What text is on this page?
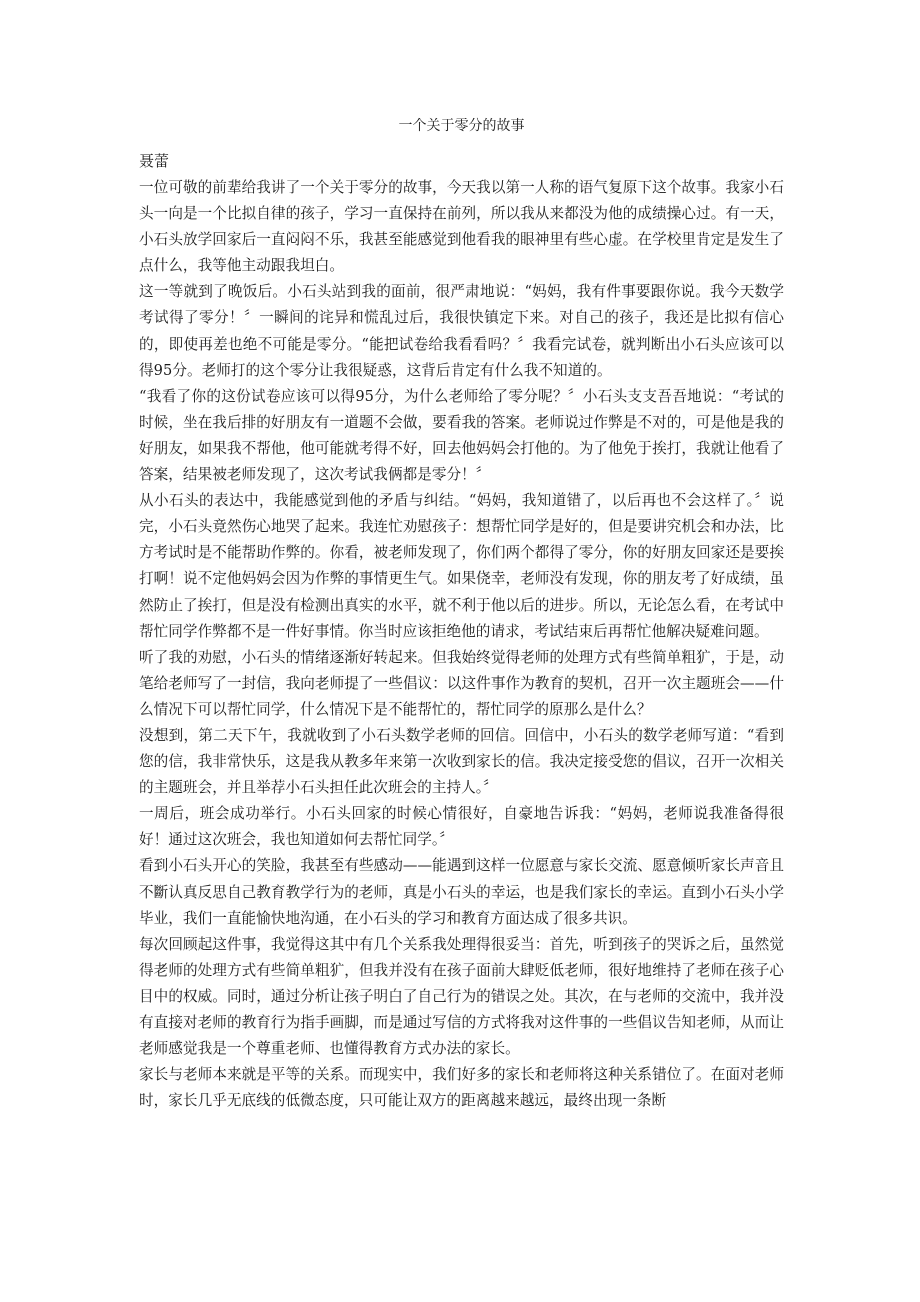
一个关于零分的故事
聂蕾

一位可敬的前辈给我讲了一个关于零分的故事，今天我以第一人称的语气复原下这个故事。我家小石头一向是一个比拟自律的孩子，学习一直保持在前列，所以我从来都没为他的成绩操心过。有一天，小石头放学回家后一直闷闷不乐，我甚至能感觉到他看我的眼神里有些心虚。在学校里肯定是发生了点什么，我等他主动跟我坦白。

这一等就到了晚饭后。小石头站到我的面前，很严肃地说：“妈妈，我有件事要跟你说。我今天数学考试得了零分！〞一瞬间的诧异和慌乱过后，我很快镇定下来。对自己的孩子，我还是比拟有信心的，即使再差也绝不可能是零分。“能把试卷给我看看吗？〞我看完试卷，就判断出小石头应该可以得95分。老师打的这个零分让我很疑惑，这背后肯定有什么我不知道的。

“我看了你的这份试卷应该可以得95分，为什么老师给了零分呢？〞小石头支支吾吾地说：“考试的时候，坐在我后排的好朋友有一道题不会做，要看我的答案。老师说过作弊是不对的，可是他是我的好朋友，如果我不帮他，他可能就考得不好，回去他妈妈会打他的。为了他免于挨打，我就让他看了答案，结果被老师发现了，这次考试我俩都是零分！〞

从小石头的表达中，我能感觉到他的矛盾与纠结。“妈妈，我知道错了，以后再也不会这样了。〞说完，小石头竟然伤心地哭了起来。我连忙劝慰孩子：想帮忙同学是好的，但是要讲究机会和办法，比方考试时是不能帮助作弊的。你看，被老师发现了，你们两个都得了零分，你的好朋友回家还是要挨打啊！说不定他妈妈会因为作弊的事情更生气。如果侥幸，老师没有发现，你的朋友考了好成绩，虽然防止了挨打，但是没有检测出真实的水平，就不利于他以后的进步。所以，无论怎么看，在考试中帮忙同学作弊都不是一件好事情。你当时应该拒绝他的请求，考试结束后再帮忙他解决疑难问题。

听了我的劝慰，小石头的情绪逐渐好转起来。但我始终觉得老师的处理方式有些简单粗犷，于是，动笔给老师写了一封信，我向老师提了一些倡议：以这件事作为教育的契机，召开一次主题班会——什么情况下可以帮忙同学，什么情况下是不能帮忙的，帮忙同学的原那么是什么？

没想到，第二天下午，我就收到了小石头数学老师的回信。回信中，小石头的数学老师写道：“看到您的信，我非常快乐，这是我从教多年来第一次收到家长的信。我决定接受您的倡议，召开一次相关的主题班会，并且举荐小石头担任此次班会的主持人。〞

一周后，班会成功举行。小石头回家的时候心情很好，自豪地告诉我：“妈妈，老师说我准备得很好！通过这次班会，我也知道如何去帮忙同学。〞

看到小石头开心的笑脸，我甚至有些感动——能遇到这样一位愿意与家长交流、愿意倾听家长声音且不斷认真反思自己教育教学行为的老师，真是小石头的幸运，也是我们家长的幸运。直到小石头小学毕业，我们一直能愉快地沟通，在小石头的学习和教育方面达成了很多共识。

每次回顾起这件事，我觉得这其中有几个关系我处理得很妥当：首先，听到孩子的哭诉之后，虽然觉得老师的处理方式有些简单粗犷，但我并没有在孩子面前大肆贬低老师，很好地维持了老师在孩子心目中的权威。同时，通过分析让孩子明白了自己行为的错误之处。其次，在与老师的交流中，我并没有直接对老师的教育行为指手画脚，而是通过写信的方式将我对这件事的一些倡议告知老师，从而让老师感觉我是一个尊重老师、也懂得教育方式办法的家长。

家长与老师本来就是平等的关系。而现实中，我们好多的家长和老师将这种关系错位了。在面对老师时，家长几乎无底线的低微态度，只可能让双方的距离越来越远，最终出现一条断
